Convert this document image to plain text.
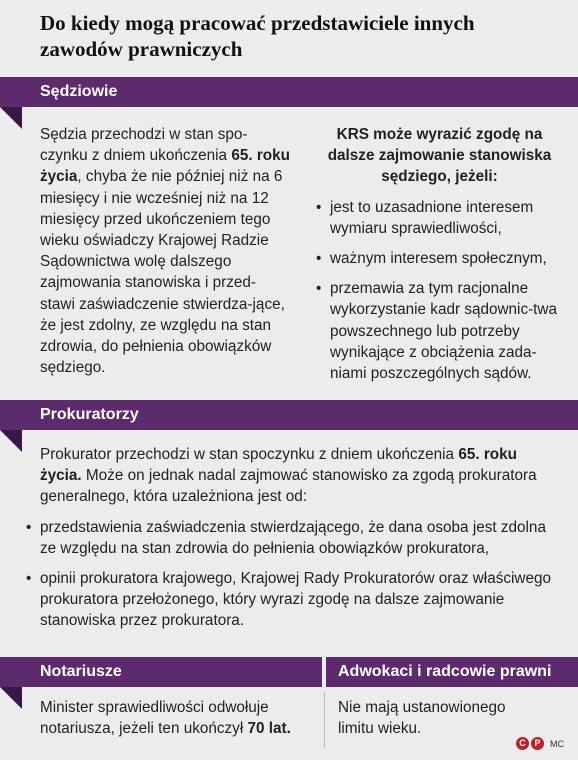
Do kiedy mogą pracować przedstawiciele innych zawodów prawniczych
Sędziowie
Sędzia przechodzi w stan spo-czynku z dniem ukończenia 65. roku życia, chyba że nie później niż na 6 miesięcy i nie wcześniej niż na 12 miesięcy przed ukończeniem tego wieku oświadczy Krajowej Radzie Sądownictwa wolę dalszego zajmowania stanowiska i przed-stawi zaświadczenie stwierdza-jące, że jest zdolny, ze względu na stan zdrowia, do pełnienia obowiązków sędziego.
KRS może wyrazić zgodę na dalsze zajmowanie stanowiska sędziego, jeżeli:
• jest to uzasadnione interesem wymiaru sprawiedliwości,
• ważnym interesem społecznym,
• przemawia za tym racjonalne wykorzystanie kadr sądownic-twa powszechnego lub potrzeby wynikające z obciążenia zada-niami poszczególnych sądów.
Prokuratorzy
Prokurator przechodzi w stan spoczynku z dniem ukończenia 65. roku życia. Może on jednak nadal zajmować stanowisko za zgodą prokuratora generalnego, która uzależniona jest od:
• przedstawienia zaświadczenia stwierdzającego, że dana osoba jest zdolna ze względu na stan zdrowia do pełnienia obowiązków prokuratora,
• opinii prokuratora krajowego, Krajowej Rady Prokuratorów oraz właściwego prokuratora przełożonego, który wyrazi zgodę na dalsze zajmowanie stanowiska przez prokuratora.
Notariusze	Adwokaci i radcowie prawni
Minister sprawiedliwości odwołuje notariusza, jeżeli ten ukończył 70 lat.
Nie mają ustanowionego limitu wieku.
C P	MC
